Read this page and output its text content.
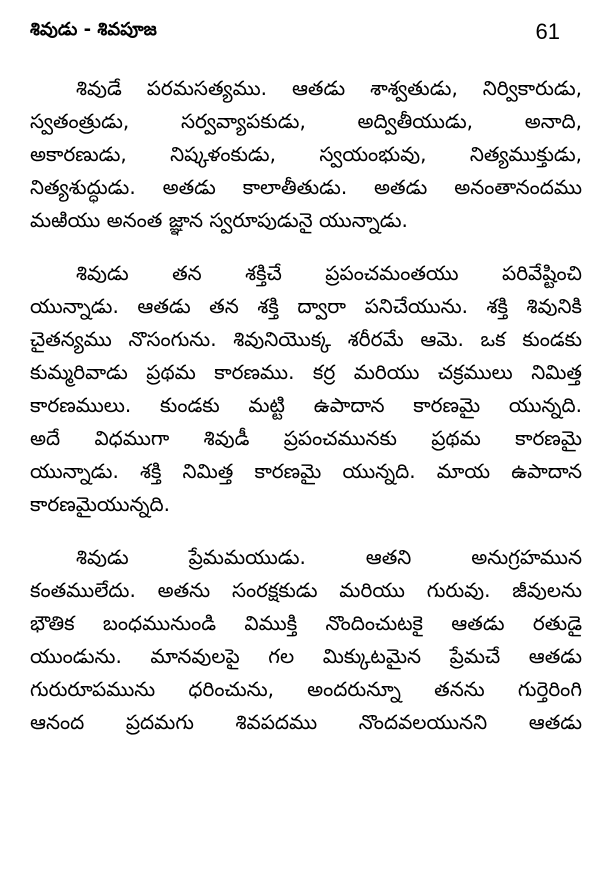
శివుడు - శివపూజ	61
శివుడే పరమసత్యము. ఆతడు శాశ్వతుడు, నిర్వికారుడు,
స్వతంత్రుడు, సర్వవ్యాపకుడు, అద్వితీయుడు, అనాది,
అకారణుడు, నిష్కళంకుడు, స్వయంభువు, నిత్యముక్తుడు,
నిత్యశుద్ధుడు. అతడు కాలాతీతుడు. అతడు అనంతానందము
మఱియు అనంత జ్ఞాన స్వరూపుడునై యున్నాడు.
శివుడు తన శక్తిచే ప్రపంచమంతయు పరివేష్టించి
యున్నాడు. ఆతడు తన శక్తి ద్వారా పనిచేయును. శక్తి శివునికి
చైతన్యము నొసంగును. శివునియొక్క శరీరమే ఆమె. ఒక కుండకు
కుమ్మరివాడు ప్రథమ కారణము. కర్ర మరియు చక్రములు నిమిత్త
కారణములు. కుండకు మట్టి ఉపాదాన కారణమై యున్నది.
అదే విధముగా శివుడీ ప్రపంచమునకు ప్రథమ కారణమై
యున్నాడు. శక్తి నిమిత్త కారణమై యున్నది. మాయ ఉపాదాన
కారణమైయున్నది.
శివుడు ప్రేమమయుడు. ఆతని అనుగ్రహమున
కంతములేదు. అతను సంరక్షకుడు మరియు గురువు. జీవులను
భౌతిక బంధమునుండి విముక్తి నొందించుటకై ఆతడు రతుడై
యుండును. మానవులపై గల మిక్కుటమైన ప్రేమచే ఆతడు
గురురూపమును ధరించును, అందరున్నూ తనను గుర్తెరింగి
ఆనంద ప్రదమగు శివపదము నొందవలయునని ఆతడు
